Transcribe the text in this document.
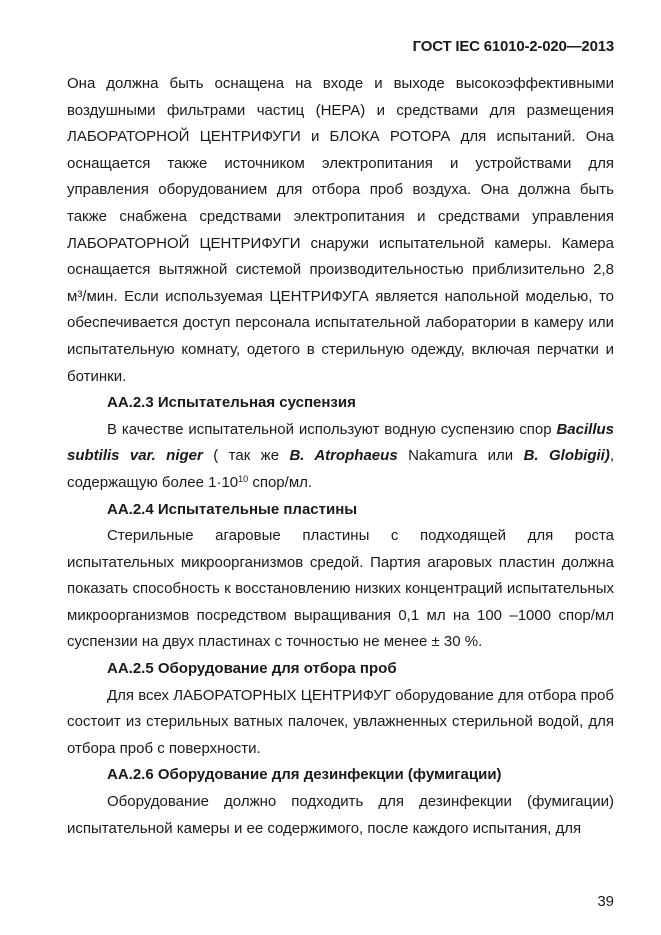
ГОСТ IEC 61010-2-020—2013

Она должна быть оснащена на входе и выходе высокоэффективными воздушными фильтрами частиц (HEPA) и средствами для размещения ЛАБОРАТОРНОЙ ЦЕНТРИФУГИ и БЛОКА РОТОРА для испытаний. Она оснащается также источником электропитания и устройствами для управления оборудованием для отбора проб воздуха. Она должна быть также снабжена средствами электропитания и средствами управления ЛАБОРАТОРНОЙ ЦЕНТРИФУГИ снаружи испытательной камеры. Камера оснащается вытяжной системой производительностью приблизительно 2,8 м³/мин. Если используемая ЦЕНТРИФУГА является напольной моделью, то обеспечивается доступ персонала испытательной лаборатории в камеру или испытательную комнату, одетого в стерильную одежду, включая перчатки и ботинки.

AA.2.3 Испытательная суспензия

В качестве испытательной используют водную суспензию спор Bacillus subtilis var. niger ( так же B. Atrophaeus Nakamura или B. Globigii), содержащую более $1\cdot 10^{10}$ спор/мл.

AA.2.4 Испытательные пластины

Стерильные агаровые пластины с подходящей для роста испытательных микроорганизмов средой. Партия агаровых пластин должна показать способность к восстановлению низких концентраций испытательных микроорганизмов посредством выращивания 0,1 мл на 100 –1000 спор/мл суспензии на двух пластинах с точностью не менее ± 30 %.

AA.2.5 Оборудование для отбора проб

Для всех ЛАБОРАТОРНЫХ ЦЕНТРИФУГ оборудование для отбора проб состоит из стерильных ватных палочек, увлажненных стерильной водой, для отбора проб с поверхности.

AA.2.6 Оборудование для дезинфекции (фумигации)

Оборудование должно подходить для дезинфекции (фумигации) испытательной камеры и ее содержимого, после каждого испытания, для

39
